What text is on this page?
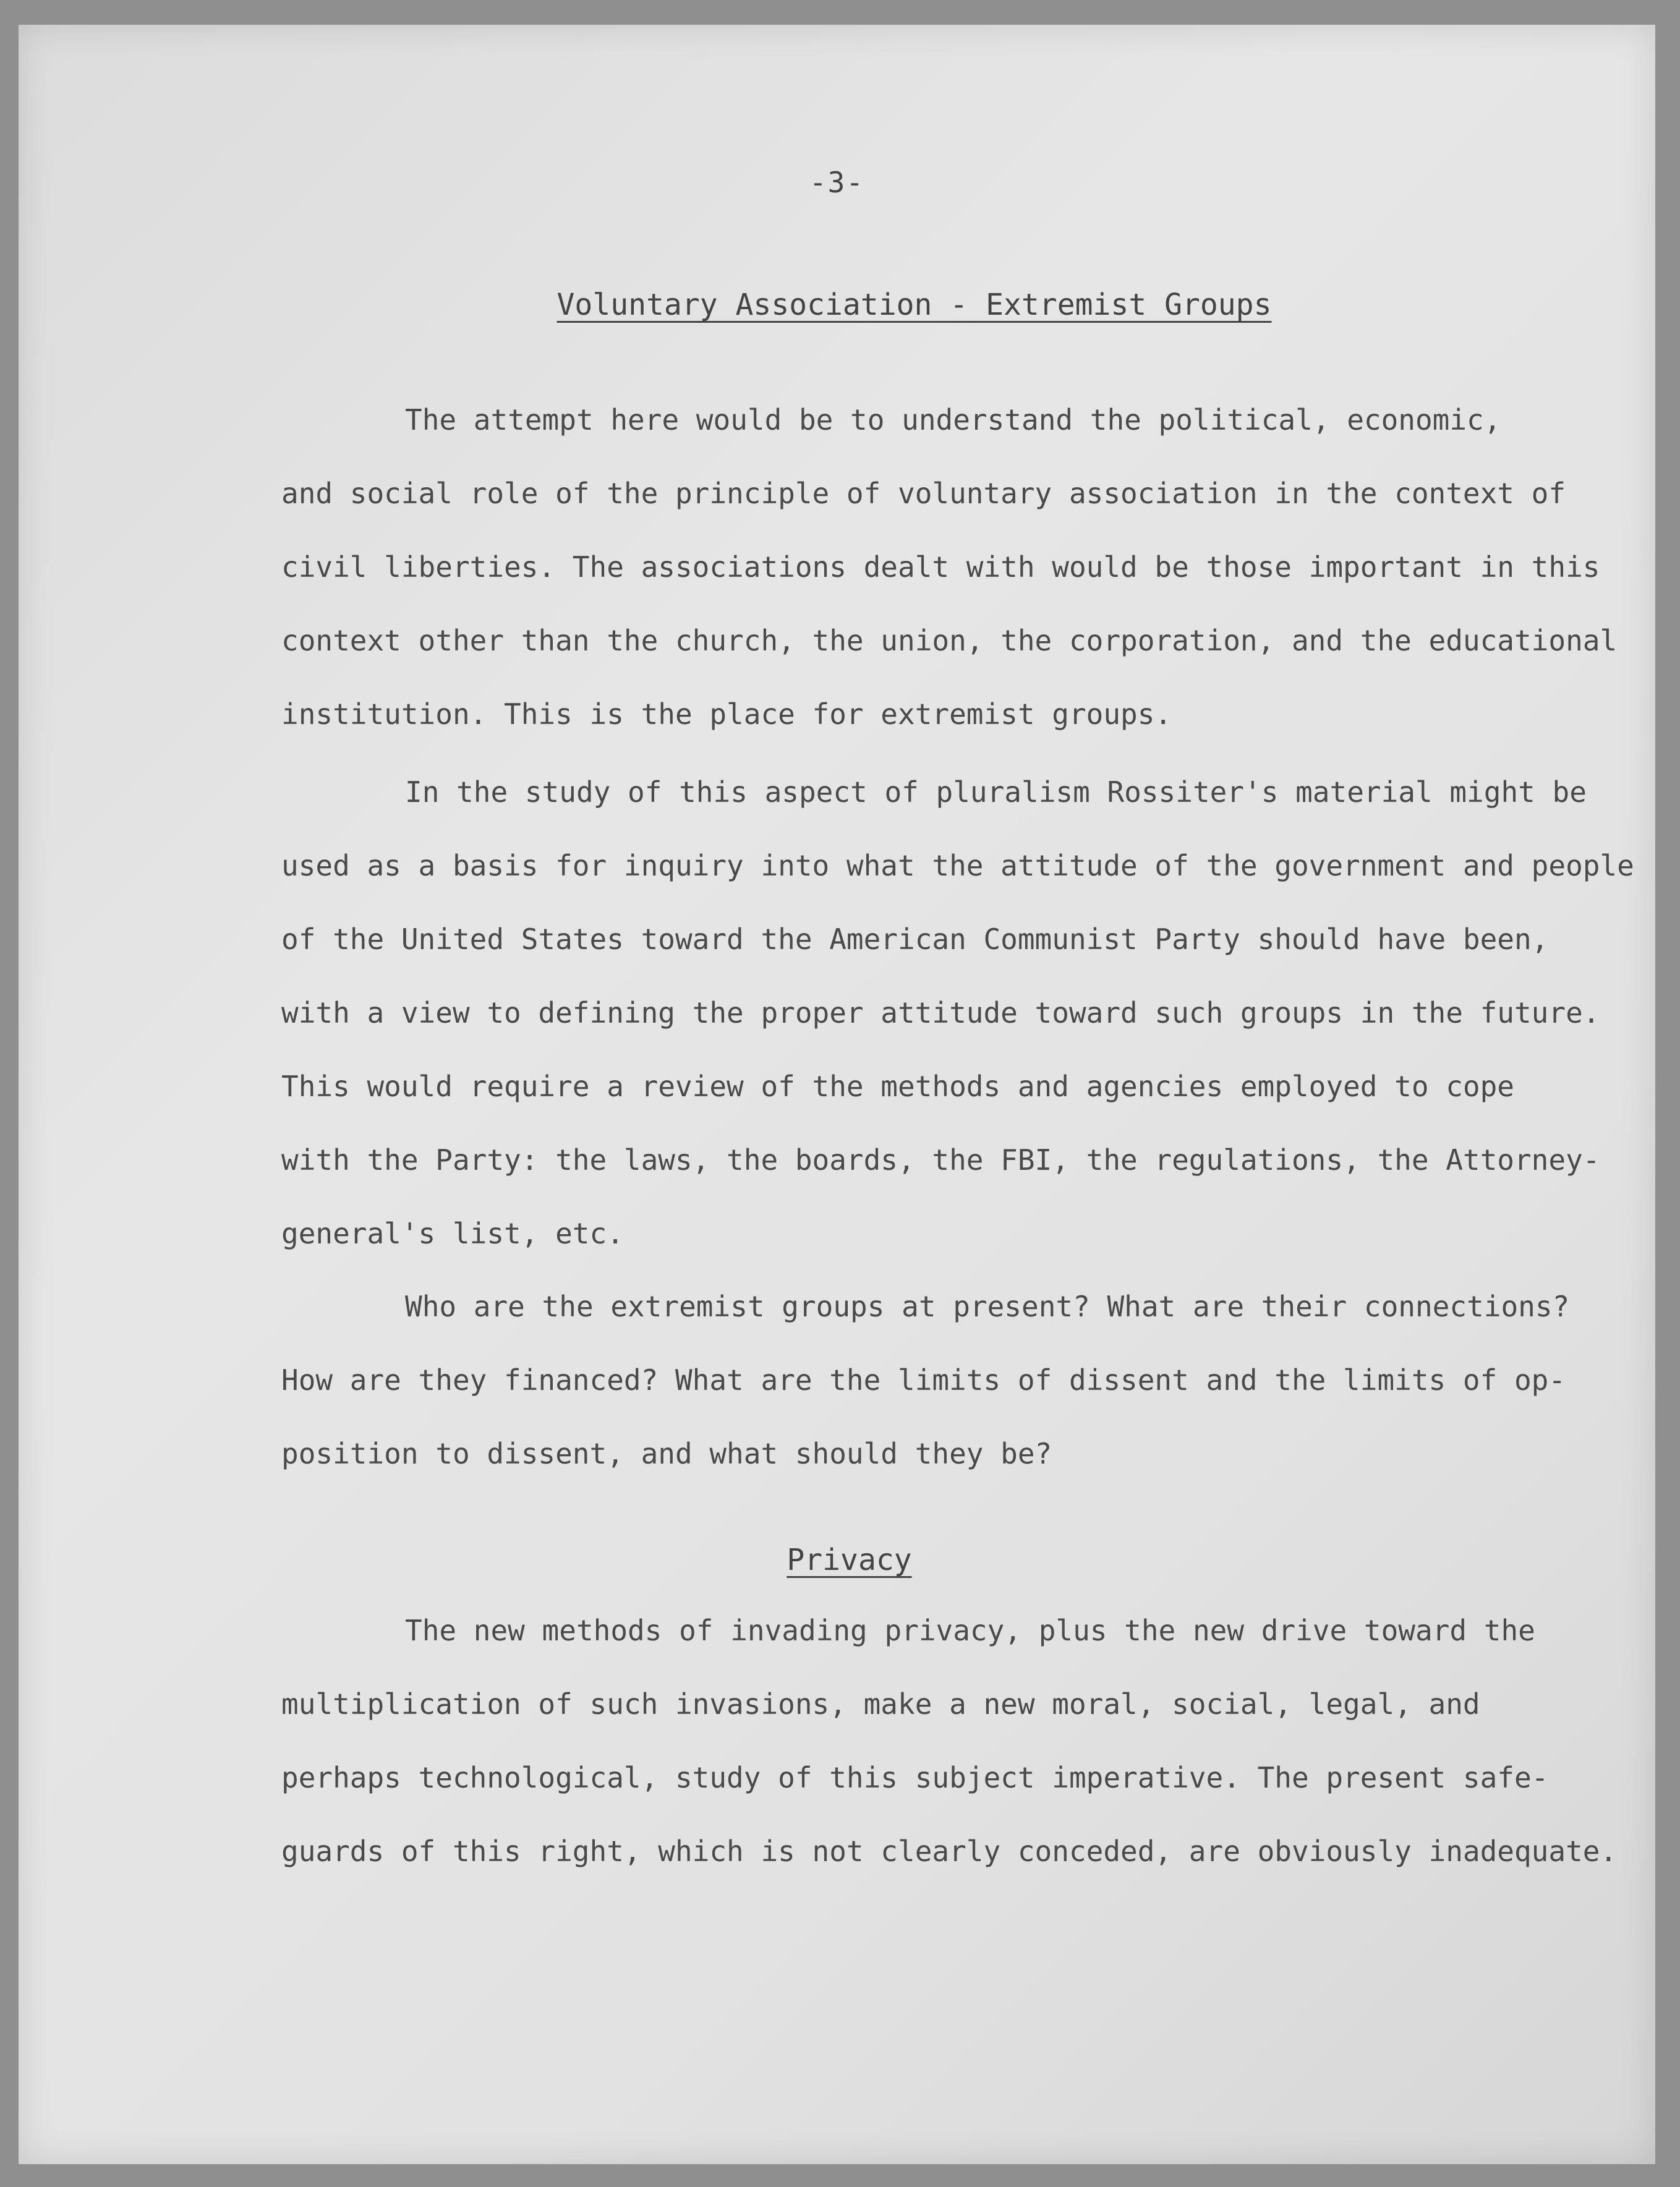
-3-
Voluntary Association - Extremist Groups
The attempt here would be to understand the political, economic,
and social role of the principle of voluntary association in the context of
civil liberties. The associations dealt with would be those important in this
context other than the church, the union, the corporation, and the educational
institution. This is the place for extremist groups.
In the study of this aspect of pluralism Rossiter's material might be
used as a basis for inquiry into what the attitude of the government and people
of the United States toward the American Communist Party should have been,
with a view to defining the proper attitude toward such groups in the future.
This would require a review of the methods and agencies employed to cope
with the Party: the laws, the boards, the FBI, the regulations, the Attorney-
general's list, etc.
Who are the extremist groups at present? What are their connections?
How are they financed? What are the limits of dissent and the limits of op-
position to dissent, and what should they be?
Privacy
The new methods of invading privacy, plus the new drive toward the
multiplication of such invasions, make a new moral, social, legal, and
perhaps technological, study of this subject imperative. The present safe-
guards of this right, which is not clearly conceded, are obviously inadequate.
